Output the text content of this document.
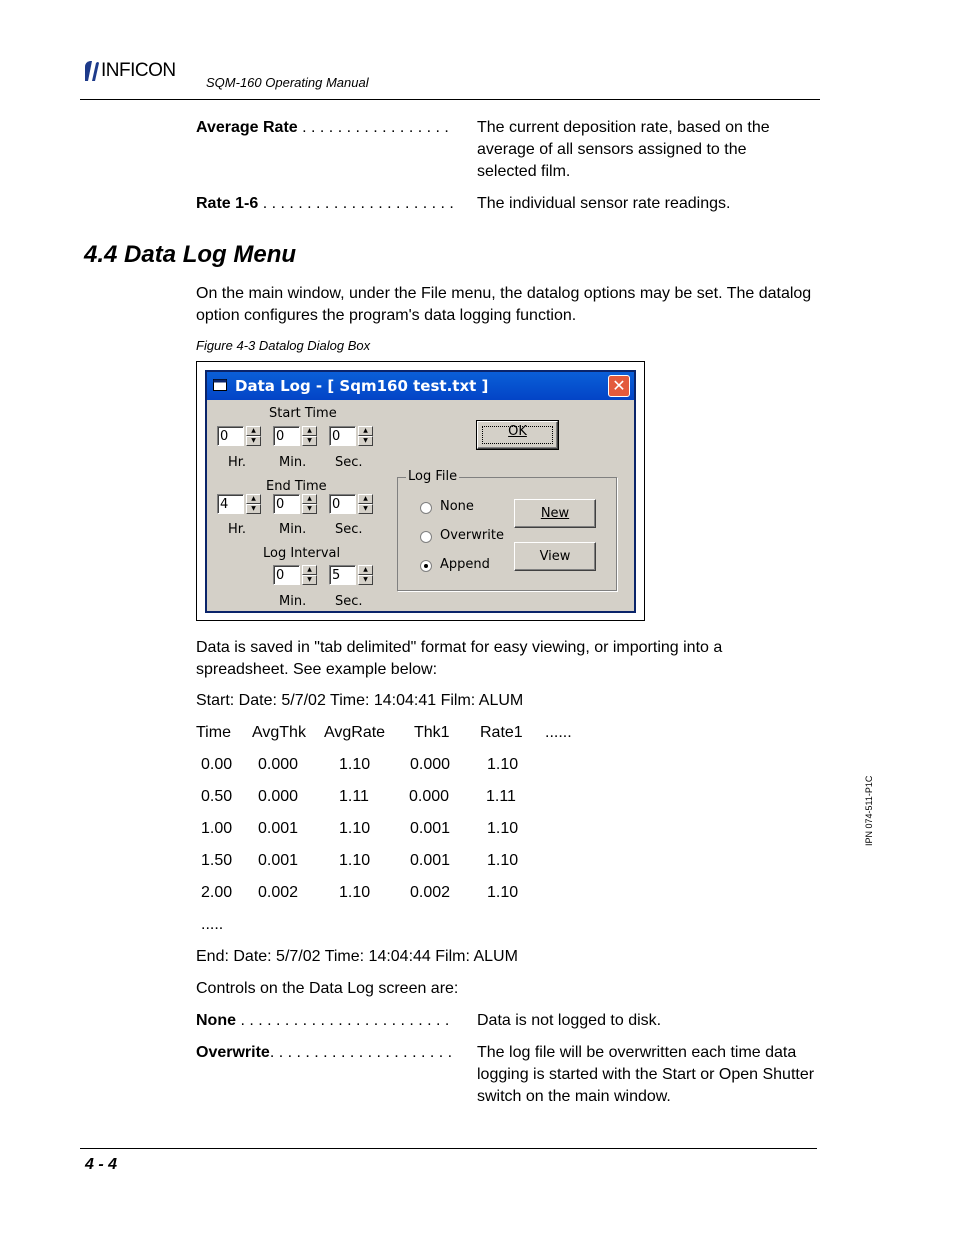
INFICON
SQM-160 Operating Manual
Average Rate . . . . . . . . . . . . . . . . .	The current deposition rate, based on the average of all sensors assigned to the selected film.
Rate 1-6 . . . . . . . . . . . . . . . . . . . . . .	The individual sensor rate readings.
4.4 Data Log Menu
On the main window, under the File menu, the datalog options may be set. The datalog option configures the program's data logging function.
Figure 4-3 Datalog Dialog Box
Data Log - [ Sqm160 test.txt ]	✕
Start Time
0	▲
▼	0	▲
▼	0	▲
▼
Hr.	Min. Sec.
End Time
4	▲
▼	0	▲
▼	0	▲
▼
Hr.	Min. Sec.
Log Interval
0	▲
▼	5	▲
▼
Min. Sec.
OK
Log File
None
Overwrite
Append
New
View
Data is saved in "tab delimited" format for easy viewing, or importing into a spreadsheet. See example below:
Start: Date: 5/7/02 Time: 14:04:41 Film: ALUM
Time AvgThk AvgRate Thk1 Rate1 ......
0.00 0.000	1.10 0.000 1.10
0.50 0.000	1.11	0.000 1.11
1.00 0.001	1.10 0.001 1.10
1.50 0.001	1.10 0.001 1.10
2.00 0.002	1.10 0.002 1.10
.....
End: Date: 5/7/02 Time: 14:04:44 Film: ALUM
Controls on the Data Log screen are:
None . . . . . . . . . . . . . . . . . . . . . . . .	Data is not logged to disk.
Overwrite. . . . . . . . . . . . . . . . . . . . .	The log file will be overwritten each time data logging is started with the Start or Open Shutter switch on the main window.
IPN 074-511-P1C
4 - 4
